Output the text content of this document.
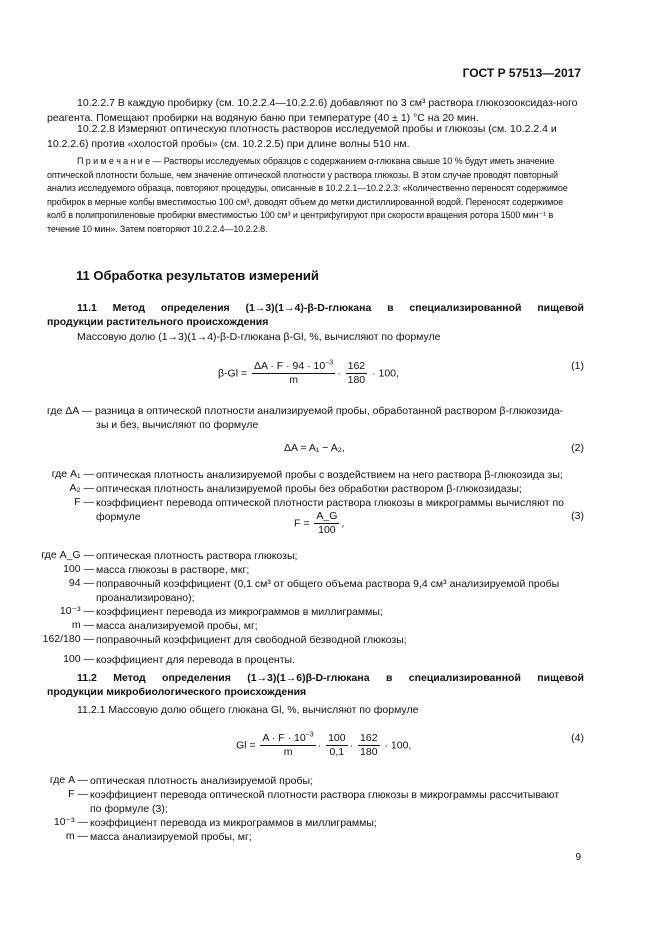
ГОСТ Р 57513—2017
10.2.2.7 В каждую пробирку (см. 10.2.2.4—10.2.2.6) добавляют по 3 см³ раствора глюкозооксидаз-ного реагента. Помещают пробирки на водяную баню при температуре (40 ± 1) °С на 20 мин.
10.2.2.8 Измеряют оптическую плотность растворов исследуемой пробы и глюкозы (см. 10.2.2.4 и 10.2.2.6) против «холостой пробы» (см. 10.2.2.5) при длине волны 510 нм.
П р и м е ч а н и е — Растворы исследуемых образцов с содержанием α-глюкана свыше 10 % будут иметь значение оптической плотности больше, чем значение оптической плотности у раствора глюкозы. В этом случае проводят повторный анализ исследуемого образца, повторяют процедуры, описанные в 10.2.2.1—10.2.2.3: «Количественно переносят содержимое пробирок в мерные колбы вместимостью 100 см³, доводят объем до метки дистиллированной водой. Переносят содержимое колб в полипропиленовые пробирки вместимостью 100 см³ и центрифугируют при скорости вращения ротора 1500 мин⁻¹ в течение 10 мин». Затем повторяют 10.2.2.4—10.2.2.8.
11 Обработка результатов измерений
11.1 Метод определения (1→3)(1→4)-β-D-глюкана в специализированной пищевой
продукции растительного происхождения
Массовую долю (1→3)(1→4)-β-D-глюкана β-Gl, %, вычисляют по формуле
$\beta-Gl = \frac{\Delta A \cdot F \cdot 94 \cdot 10^{-3}}{m} \cdot \frac{162}{180} \cdot 100$,
(1)
где ΔA — разница в оптической плотности анализируемой пробы, обработанной раствором β-глюкозида-
зы и без, вычисляют по формуле
ΔA = A₁ − A₂,	(2)
где A₁ — оптическая плотность анализируемой пробы с воздействием на него раствора β-глюкозида зы;
A₂ — оптическая плотность анализируемой пробы без обработки раствором β-глюкозидазы;
F — коэффициент перевода оптической плотности раствора глюкозы в микрограммы вычисляют по
формуле
$F = \frac{A\_G}{100}$ ,
(3)
где A_G — оптическая плотность раствора глюкозы;
100 — масса глюкозы в растворе, мкг;
94 — поправочный коэффициент (0,1 см³ от общего объема раствора 9,4 см³ анализируемой пробы
проанализировано);
10⁻³ — коэффициент перевода из микрограммов в миллиграммы;
m — масса анализируемой пробы, мг;
162/180 — поправочный коэффициент для свободной безводной глюкозы;
100 — коэффициент для перевода в проценты.
11.2 Метод определения (1→3)(1→6)β-D-глюкана в специализированной пищевой
продукции микробиологического происхождения
11.2.1 Массовую долю общего глюкана Gl, %, вычисляют по формуле
$Gl = \frac{A \cdot F \cdot 10^{-3}}{m} \cdot \frac{100}{0,1} \cdot \frac{162}{180} \cdot 100$,
(4)
где A — оптическая плотность анализируемой пробы;
F — коэффициент перевода оптической плотности раствора глюкозы в микрограммы рассчитывают
по формуле (3);
10⁻³ — коэффициент перевода из микрограммов в миллиграммы;
m — масса анализируемой пробы, мг;
9
